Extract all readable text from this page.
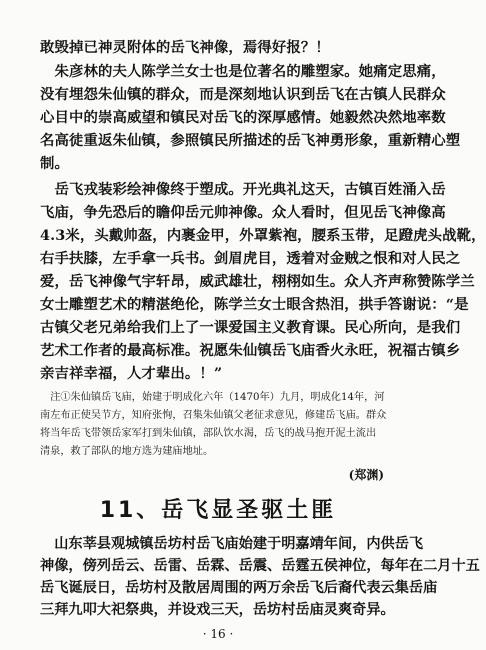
敢毁掉已神灵附体的岳飞神像，焉得好报？！
　朱彦林的夫人陈学兰女士也是位著名的雕塑家。她痛定思痛，
没有埋怨朱仙镇的群众，而是深刻地认识到岳飞在古镇人民群众
心目中的崇高威望和镇民对岳飞的深厚感情。她毅然决然地率数
名高徒重返朱仙镇，参照镇民所描述的岳飞神勇形象，重新精心塑
制。
　岳飞戎装彩绘神像终于塑成。开光典礼这天，古镇百姓涌入岳
飞庙，争先恐后的瞻仰岳元帅神像。众人看时，但见岳飞神像高
4.3米，头戴帅盔，内裹金甲，外罩紫袍，腰系玉带，足蹬虎头战靴，
右手扶膝，左手拿一兵书。剑眉虎目，透着对金贼之恨和对人民之
爱，岳飞神像气宇轩昂，威武雄壮，栩栩如生。众人齐声称赞陈学兰
女士雕塑艺术的精湛绝伦，陈学兰女士眼含热泪，拱手答谢说：“是
古镇父老兄弟给我们上了一课爱国主义教育课。民心所向，是我们
艺术工作者的最高标准。祝愿朱仙镇岳飞庙香火永旺，祝福古镇乡
亲吉祥幸福，人才辈出。！”
　注①朱仙镇岳飞庙，始建于明成化六年（1470年）九月，明成化14年，河
南左布正使吴节方，知府张恂，召集朱仙镇父老征求意见，修建岳飞庙。群众
将当年岳飞带领岳家军打到朱仙镇，部队饮水渴，岳飞的战马抱开泥土流出
清泉，救了部队的地方选为建庙地址。
(郑渊)
11、岳飞显圣驱土匪
　山东莘县观城镇岳坊村岳飞庙始建于明嘉靖年间，内供岳飞
神像，傍列岳云、岳雷、岳霖、岳震、岳霆五侯神位，每年在二月十五
岳飞诞辰日，岳坊村及散居周围的两万余岳飞后裔代表云集岳庙
三拜九叩大祀祭典，并设戏三天，岳坊村岳庙灵爽奇异。
· 16 ·
